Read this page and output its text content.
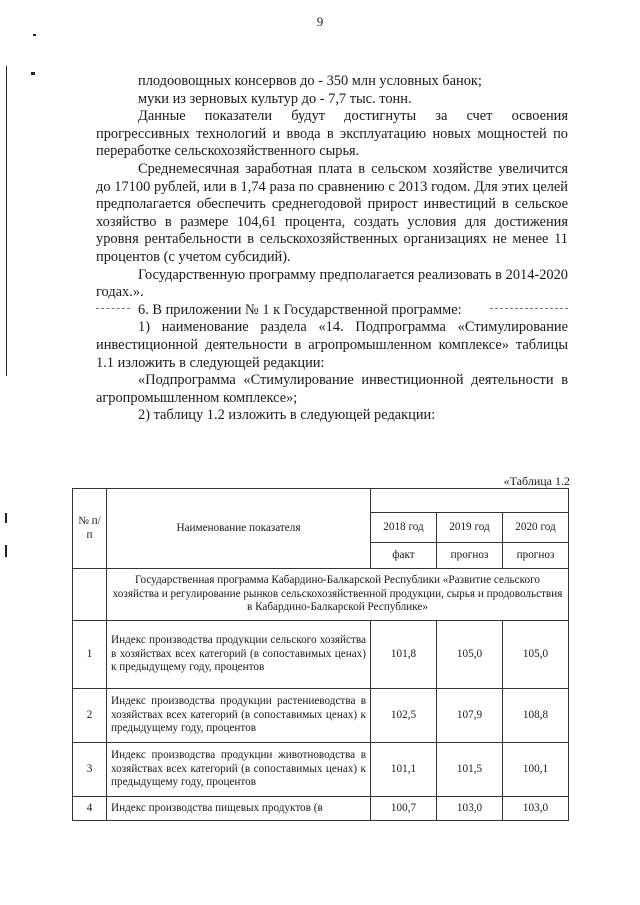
9

плодоовощных консервов до - 350 млн условных банок;

муки из зерновых культур до - 7,7 тыс. тонн.

Данные показатели будут достигнуты за счет освоения прогрессивных технологий и ввода в эксплуатацию новых мощностей по переработке сельскохозяйственного сырья.

Среднемесячная заработная плата в сельском хозяйстве увеличится до 17100 рублей, или в 1,74 раза по сравнению с 2013 годом. Для этих целей предполагается обеспечить среднегодовой прирост инвестиций в сельское хозяйство в размере 104,61 процента, создать условия для достижения уровня рентабельности в сельскохозяйственных организациях не менее 11 процентов (с учетом субсидий).

Государственную программу предполагается реализовать в 2014-2020 годах.».

6. В приложении № 1 к Государственной программе:

1) наименование раздела «14. Подпрограмма «Стимулирование инвестиционной деятельности в агропромышленном комплексе» таблицы 1.1 изложить в следующей редакции:

«Подпрограмма «Стимулирование инвестиционной деятельности в агропромышленном комплексе»;

2) таблицу 1.2 изложить в следующей редакции:

«Таблица 1.2
№ п/п	Наименование показателя			
		2018 год	2019 год	2020 год
		факт	прогноз	прогноз
	Государственная программа Кабардино-Балкарской Республики «Развитие сельского хозяйства и регулирование рынков сельскохозяйственной продукции, сырья и продовольствия в Кабардино-Балкарской Республике»			
1	Индекс производства продукции сельского хозяйства в хозяйствах всех категорий (в сопоставимых ценах) к предыдущему году, процентов	101,8	105,0	105,0
2	Индекс производства продукции растениеводства в хозяйствах всех категорий (в сопоставимых ценах) к предыдущему году, процентов	102,5	107,9	108,8
3	Индекс производства продукции животноводства в хозяйствах всех категорий (в сопоставимых ценах) к предыдущему году, процентов	101,1	101,5	100,1
4	Индекс производства пищевых продуктов (в	100,7	103,0	103,0
